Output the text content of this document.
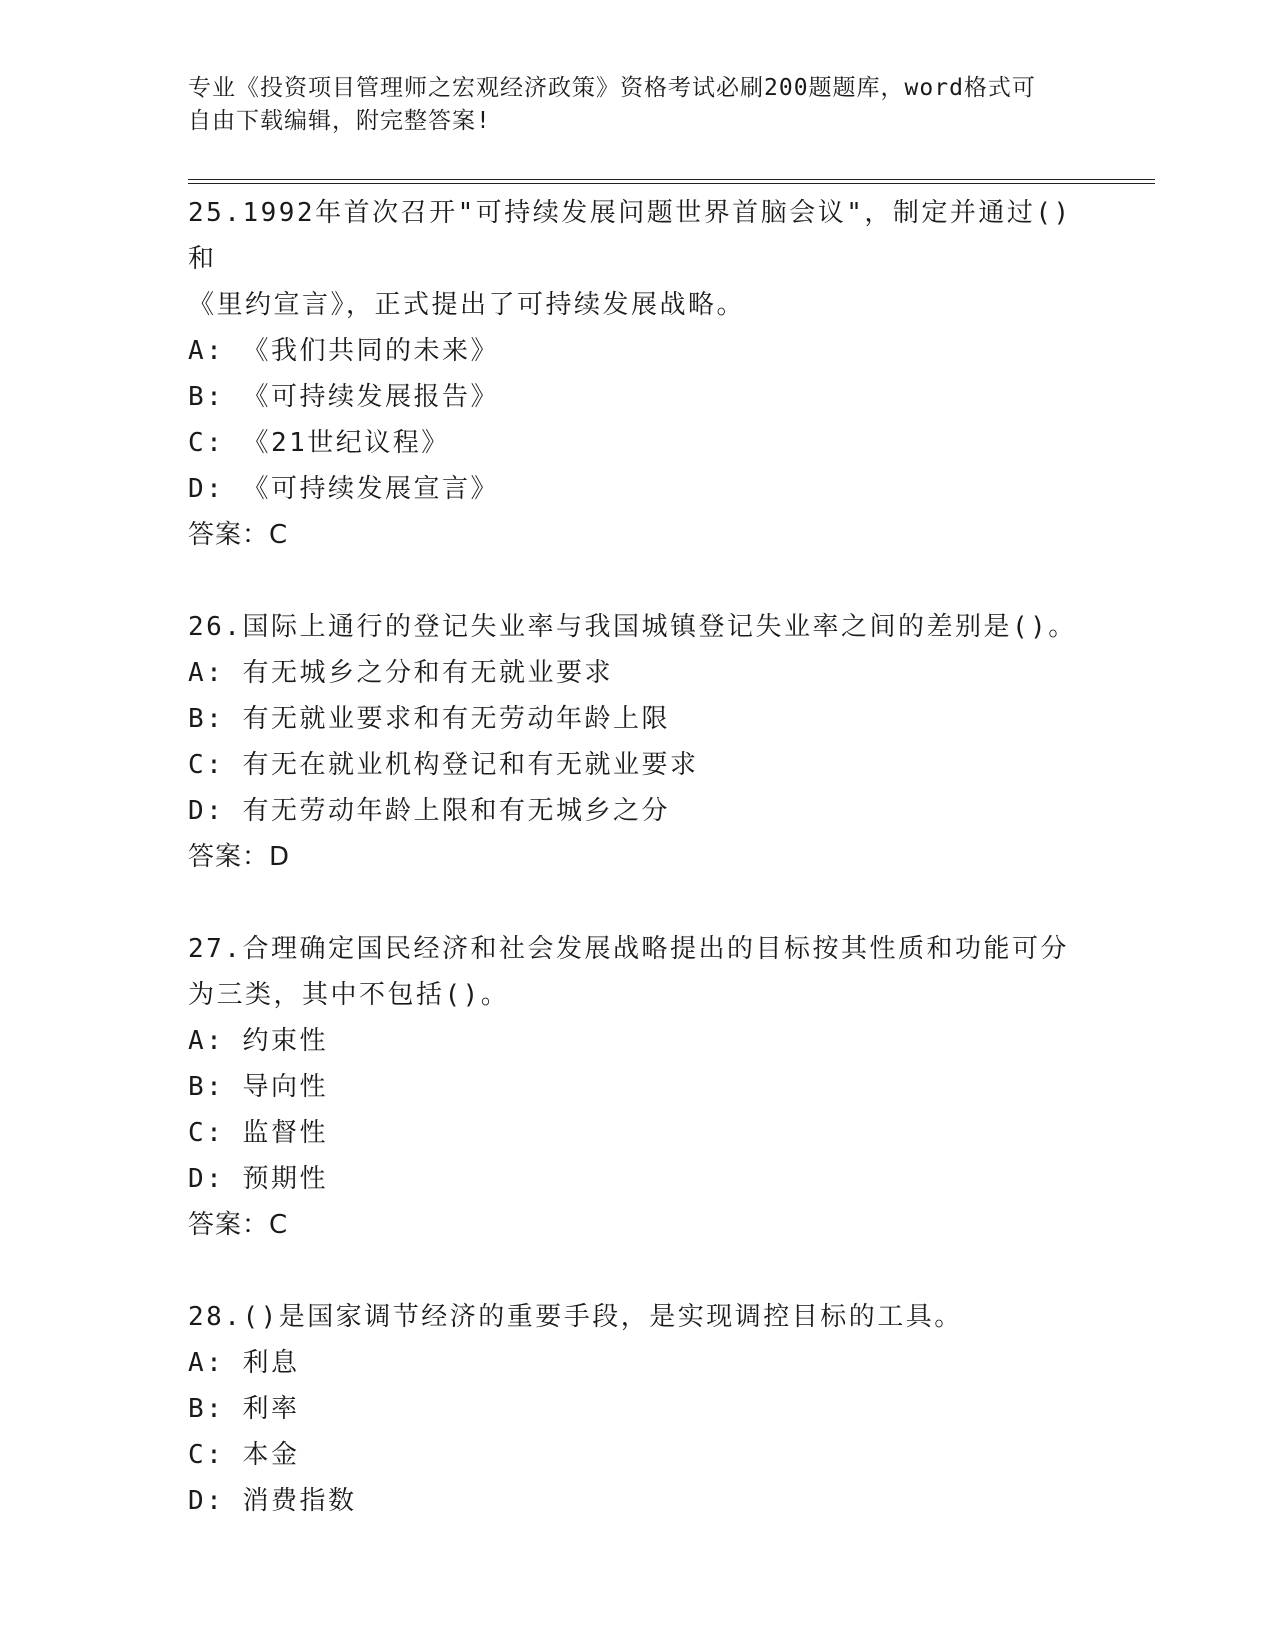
专业《投资项目管理师之宏观经济政策》资格考试必刷200题题库，word格式可
自由下载编辑，附完整答案!
25.1992年首次召开"可持续发展问题世界首脑会议"，制定并通过()和
《里约宣言》，正式提出了可持续发展战略。
A: 《我们共同的未来》
B: 《可持续发展报告》
C: 《21世纪议程》
D: 《可持续发展宣言》
答案：C
26.国际上通行的登记失业率与我国城镇登记失业率之间的差别是()。
A: 有无城乡之分和有无就业要求
B: 有无就业要求和有无劳动年龄上限
C: 有无在就业机构登记和有无就业要求
D: 有无劳动年龄上限和有无城乡之分
答案：D
27.合理确定国民经济和社会发展战略提出的目标按其性质和功能可分
为三类，其中不包括()。
A: 约束性
B: 导向性
C: 监督性
D: 预期性
答案：C
28.()是国家调节经济的重要手段，是实现调控目标的工具。
A: 利息
B: 利率
C: 本金
D: 消费指数
